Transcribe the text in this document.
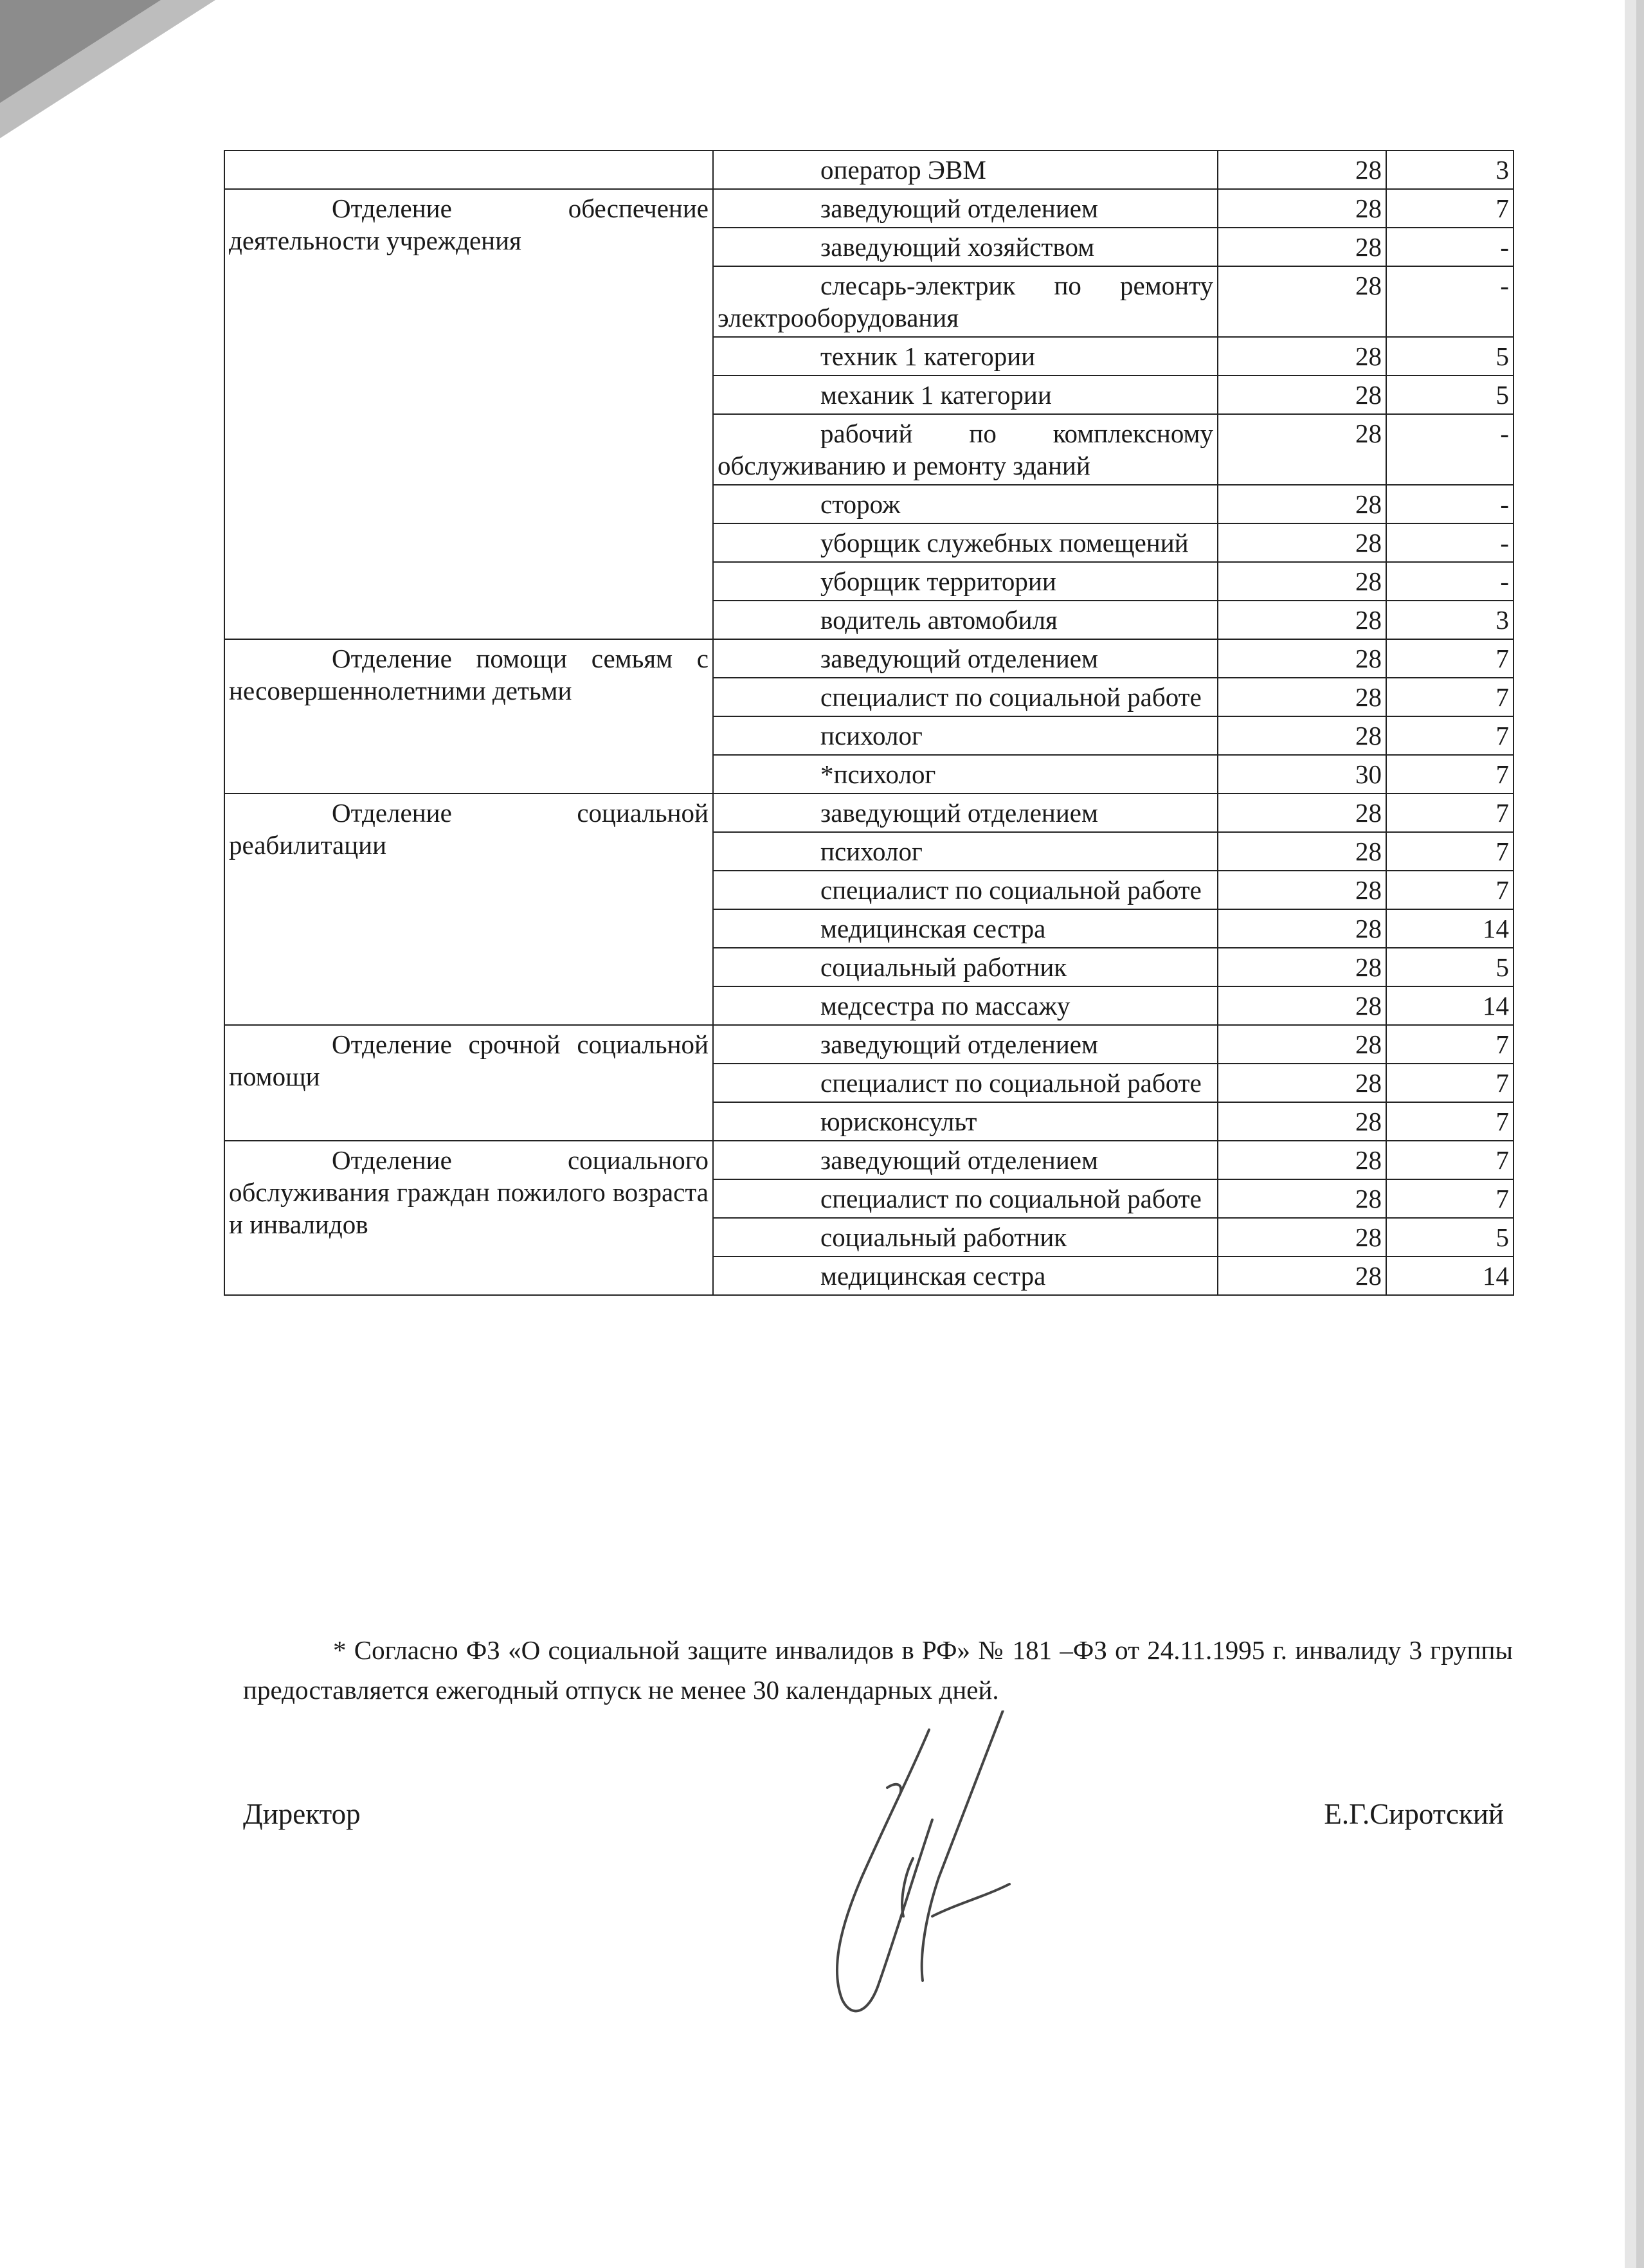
	оператор ЭВМ	28	3
Отделение обеспечение деятельности учреждения	заведующий отделением	28	7
	заведующий хозяйством	28	-
	слесарь-электрик по ремонту электрооборудования	28	-
	техник 1 категории	28	5
	механик 1 категории	28	5
	рабочий по комплексному обслуживанию и ремонту зданий	28	-
	сторож	28	-
	уборщик служебных помещений	28	-
	уборщик территории	28	-
	водитель автомобиля	28	3
Отделение помощи семьям с несовершеннолетними детьми	заведующий отделением	28	7
	специалист по социальной работе	28	7
	психолог	28	7
	*психолог	30	7
Отделение социальной реабилитации	заведующий отделением	28	7
	психолог	28	7
	специалист по социальной работе	28	7
	медицинская сестра	28	14
	социальный работник	28	5
	медсестра по массажу	28	14
Отделение срочной социальной помощи	заведующий отделением	28	7
	специалист по социальной работе	28	7
	юрисконсульт	28	7
Отделение социального обслуживания граждан пожилого возраста и инвалидов	заведующий отделением	28	7
	специалист по социальной работе	28	7
	социальный работник	28	5
	медицинская сестра	28	14
* Согласно ФЗ «О социальной защите инвалидов в РФ» № 181 –ФЗ от 24.11.1995 г. инвалиду 3 группы предоставляется ежегодный отпуск не менее 30 календарных дней.
Директор	Е.Г.Сиротский
